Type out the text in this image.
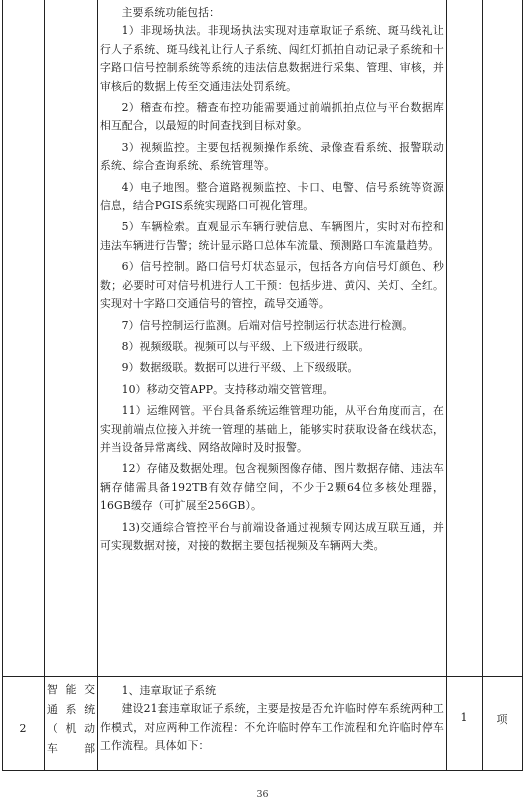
主要系统功能包括：

1）非现场执法。非现场执法实现对违章取证子系统、斑马线礼让行人子系统、斑马线礼让行人子系统、闯红灯抓拍自动记录子系统和十字路口信号控制系统等系统的违法信息数据进行采集、管理、审核，并审核后的数据上传至交通违法处罚系统。

2）稽查布控。稽查布控功能需要通过前端抓拍点位与平台数据库相互配合，以最短的时间查找到目标对象。

3）视频监控。主要包括视频操作系统、录像查看系统、报警联动系统、综合查询系统、系统管理等。

4）电子地图。整合道路视频监控、卡口、电警、信号系统等资源信息，结合PGIS系统实现路口可视化管理。

5）车辆检索。直观显示车辆行驶信息、车辆图片，实时对布控和违法车辆进行告警；统计显示路口总体车流量、预测路口车流量趋势。

6）信号控制。路口信号灯状态显示，包括各方向信号灯颜色、秒数；必要时可对信号机进行人工干预：包括步进、黄闪、关灯、全红。实现对十字路口交通信号的管控，疏导交通等。

7）信号控制运行监测。后端对信号控制运行状态进行检测。

8）视频级联。视频可以与平级、上下级进行级联。

9）数据级联。数据可以进行平级、上下级级联。

10）移动交管APP。支持移动端交管管理。

11）运维网管。平台具备系统运维管理功能，从平台角度而言，在实现前端点位接入并统一管理的基础上，能够实时获取设备在线状态，并当设备异常离线、网络故障时及时报警。

12）存储及数据处理。包含视频图像存储、图片数据存储、违法车辆存储需具备192TB有效存储空间，不少于2颗64位多核处理器，16GB缓存（可扩展至256GB）。

13)交通综合管控平台与前端设备通过视频专网达成互联互通，并可实现数据对接，对接的数据主要包括视频及车辆两大类。

2
智能交
通系统
（机动
车 部

1、违章取证子系统

建设21套违章取证子系统，主要是按是否允许临时停车系统两种工作模式，对应两种工作流程：不允许临时停车工作流程和允许临时停车工作流程。具体如下：

1	项
36
